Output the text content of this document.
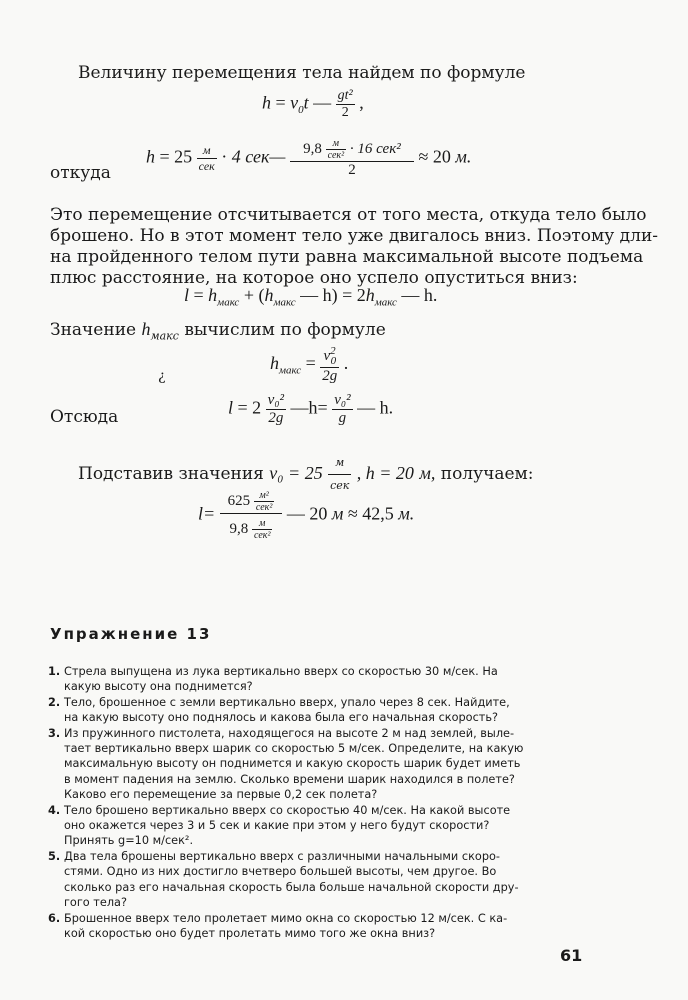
Величину перемещения тела найдем по формуле
$h = v_0t$ — $\frac{\text{gt²}}{2}$ ,
откуда
$h = 25 \frac{м}{\text{сек}} \cdot 4$ сек— $\frac{9,8 \frac{м}{\text{сек²}} \cdot 16 сек^2}{2} \approx 20$ м.
Это перемещение отсчитывается от того места, откуда тело было
брошено. Но в этот момент тело уже двигалось вниз. Поэтому дли-
на пройденного телом пути равна максимальной высоте подъема
плюс расстояние, на которое оно успело опуститься вниз:
$l = h_{макс} + (h_{макс}$ — $h) = 2h_{макс}$ — h.
Значение $h_{макс}$ вычислим по формуле
$h_{макс} = \frac{v^2_0}{2g}$ .
¿
Отсюда	$l = 2 \frac{\text{v₀²}}{2g}$ —h= $\frac{\text{v₀²}}{g}$ — h.
Подставив значения $v_0 = 25 \frac{м}{\text{сек}}$ , h = 20 м, получаем:
$l= \frac{625 \frac{\text{м²}}{\text{сек²}}}{9,8 \frac{м}{\text{сек²}}}$ — 20 м ≈ 42,5 м.
Упражнение 13
1. Стрела выпущена из лука вертикально вверх со скоростью 30 м/сек. На
какую высоту она поднимется?
2. Тело, брошенное с земли вертикально вверх, упало через 8 сек. Найдите,
на какую высоту оно поднялось и какова была его начальная скорость?
3. Из пружинного пистолета, находящегося на высоте 2 м над землей, выле-
тает вертикально вверх шарик со скоростью 5 м/сек. Определите, на какую
максимальную высоту он поднимется и какую скорость шарик будет иметь
в момент падения на землю. Сколько времени шарик находился в полете?
Каково его перемещение за первые 0,2 сек полета?
4. Тело брошено вертикально вверх со скоростью 40 м/сек. На какой высоте
оно окажется через 3 и 5 сек и какие при этом у него будут скорости?
Принять g=10 м/сек².
5. Два тела брошены вертикально вверх с различными начальными скоро-
стями. Одно из них достигло вчетверо большей высоты, чем другое. Во
сколько раз его начальная скорость была больше начальной скорости дру-
гого тела?
6. Брошенное вверх тело пролетает мимо окна со скоростью 12 м/сек. С ка-
кой скоростью оно будет пролетать мимо того же окна вниз?
61
